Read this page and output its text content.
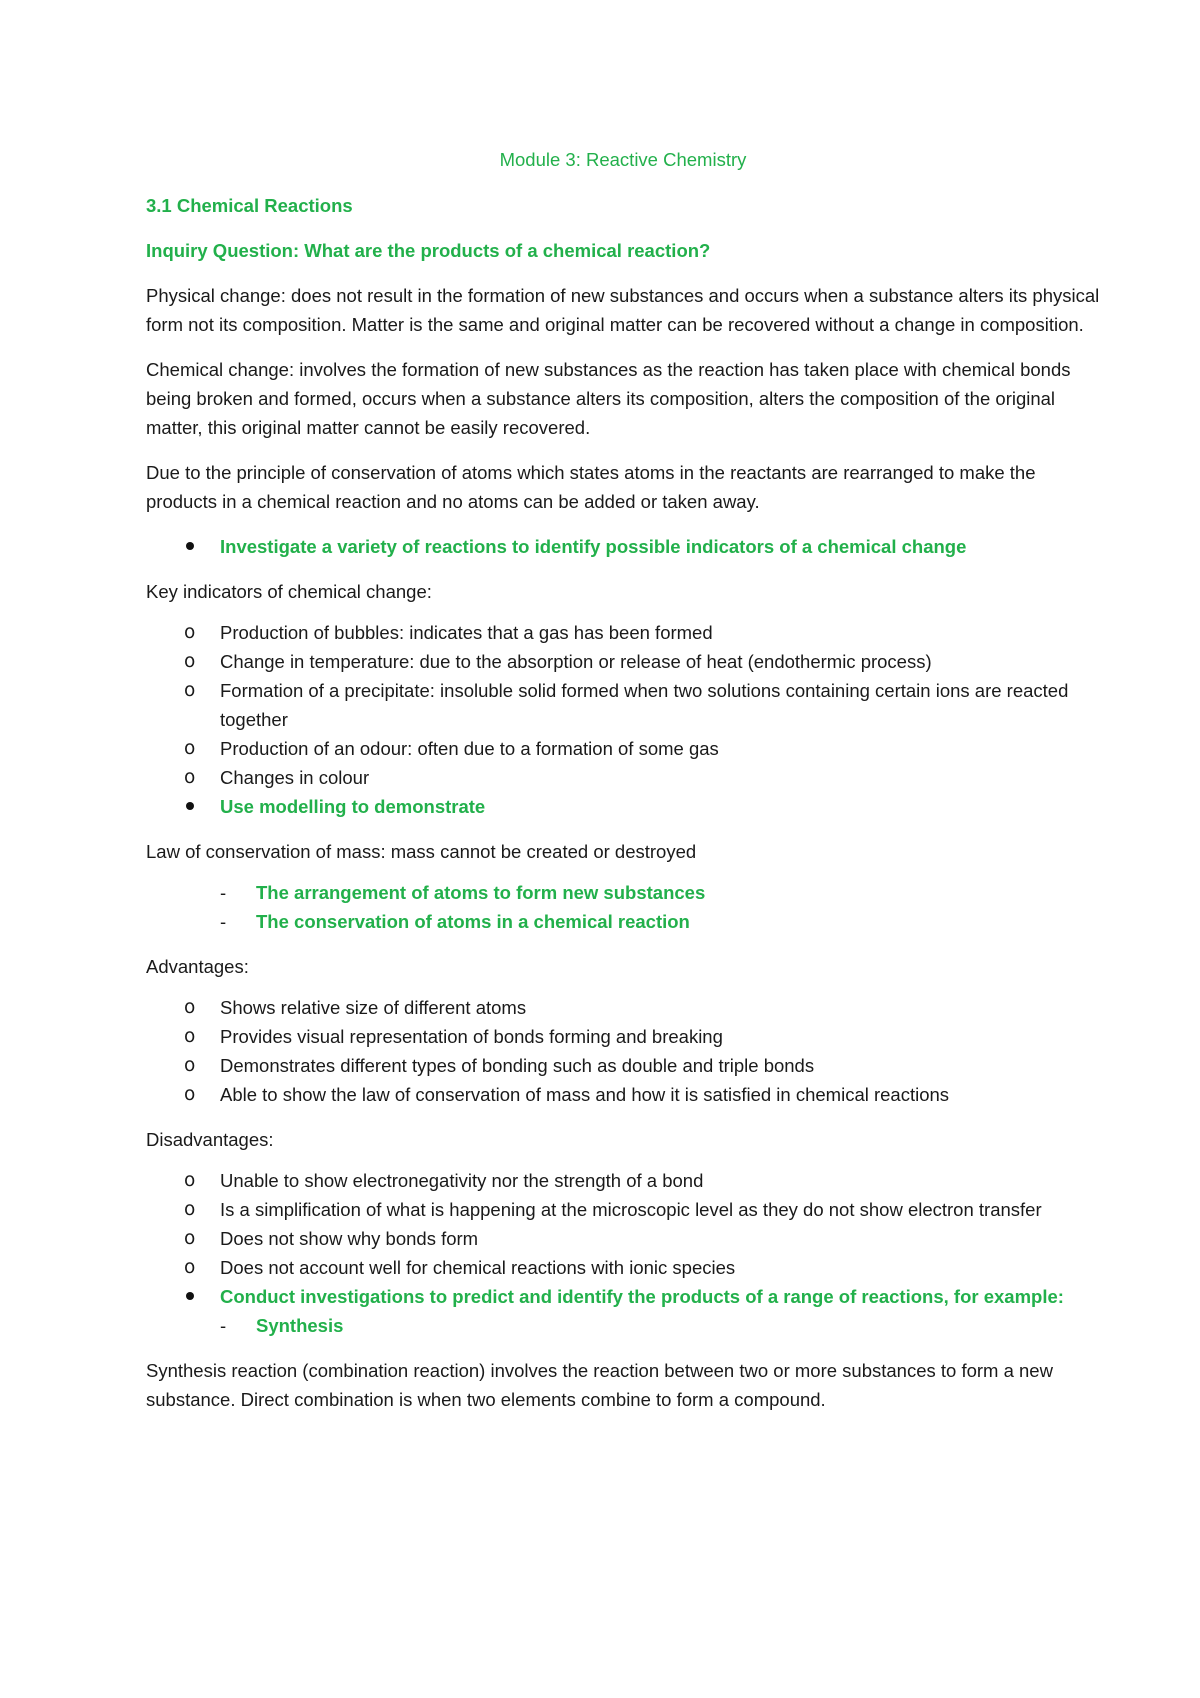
Module 3: Reactive Chemistry

3.1 Chemical Reactions

Inquiry Question: What are the products of a chemical reaction?

Physical change: does not result in the formation of new substances and occurs when a substance alters its physical form not its composition. Matter is the same and original matter can be recovered without a change in composition.

Chemical change: involves the formation of new substances as the reaction has taken place with chemical bonds being broken and formed, occurs when a substance alters its composition, alters the composition of the original matter, this original matter cannot be easily recovered.

Due to the principle of conservation of atoms which states atoms in the reactants are rearranged to make the products in a chemical reaction and no atoms can be added or taken away.

Investigate a variety of reactions to identify possible indicators of a chemical change

Key indicators of chemical change:

o	Production of bubbles: indicates that a gas has been formed
o	Change in temperature: due to the absorption or release of heat (endothermic process)
o	Formation of a precipitate: insoluble solid formed when two solutions containing certain ions are reacted together
o	Production of an odour: often due to a formation of some gas
o	Changes in colour
Use modelling to demonstrate

Law of conservation of mass: mass cannot be created or destroyed

- The arrangement of atoms to form new substances
- The conservation of atoms in a chemical reaction

Advantages:

o	Shows relative size of different atoms
o	Provides visual representation of bonds forming and breaking
o	Demonstrates different types of bonding such as double and triple bonds
o	Able to show the law of conservation of mass and how it is satisfied in chemical reactions

Disadvantages:

o	Unable to show electronegativity nor the strength of a bond
o	Is a simplification of what is happening at the microscopic level as they do not show electron transfer
o	Does not show why bonds form
o	Does not account well for chemical reactions with ionic species
Conduct investigations to predict and identify the products of a range of reactions, for example:
- Synthesis

Synthesis reaction (combination reaction) involves the reaction between two or more substances to form a new substance. Direct combination is when two elements combine to form a compound.
